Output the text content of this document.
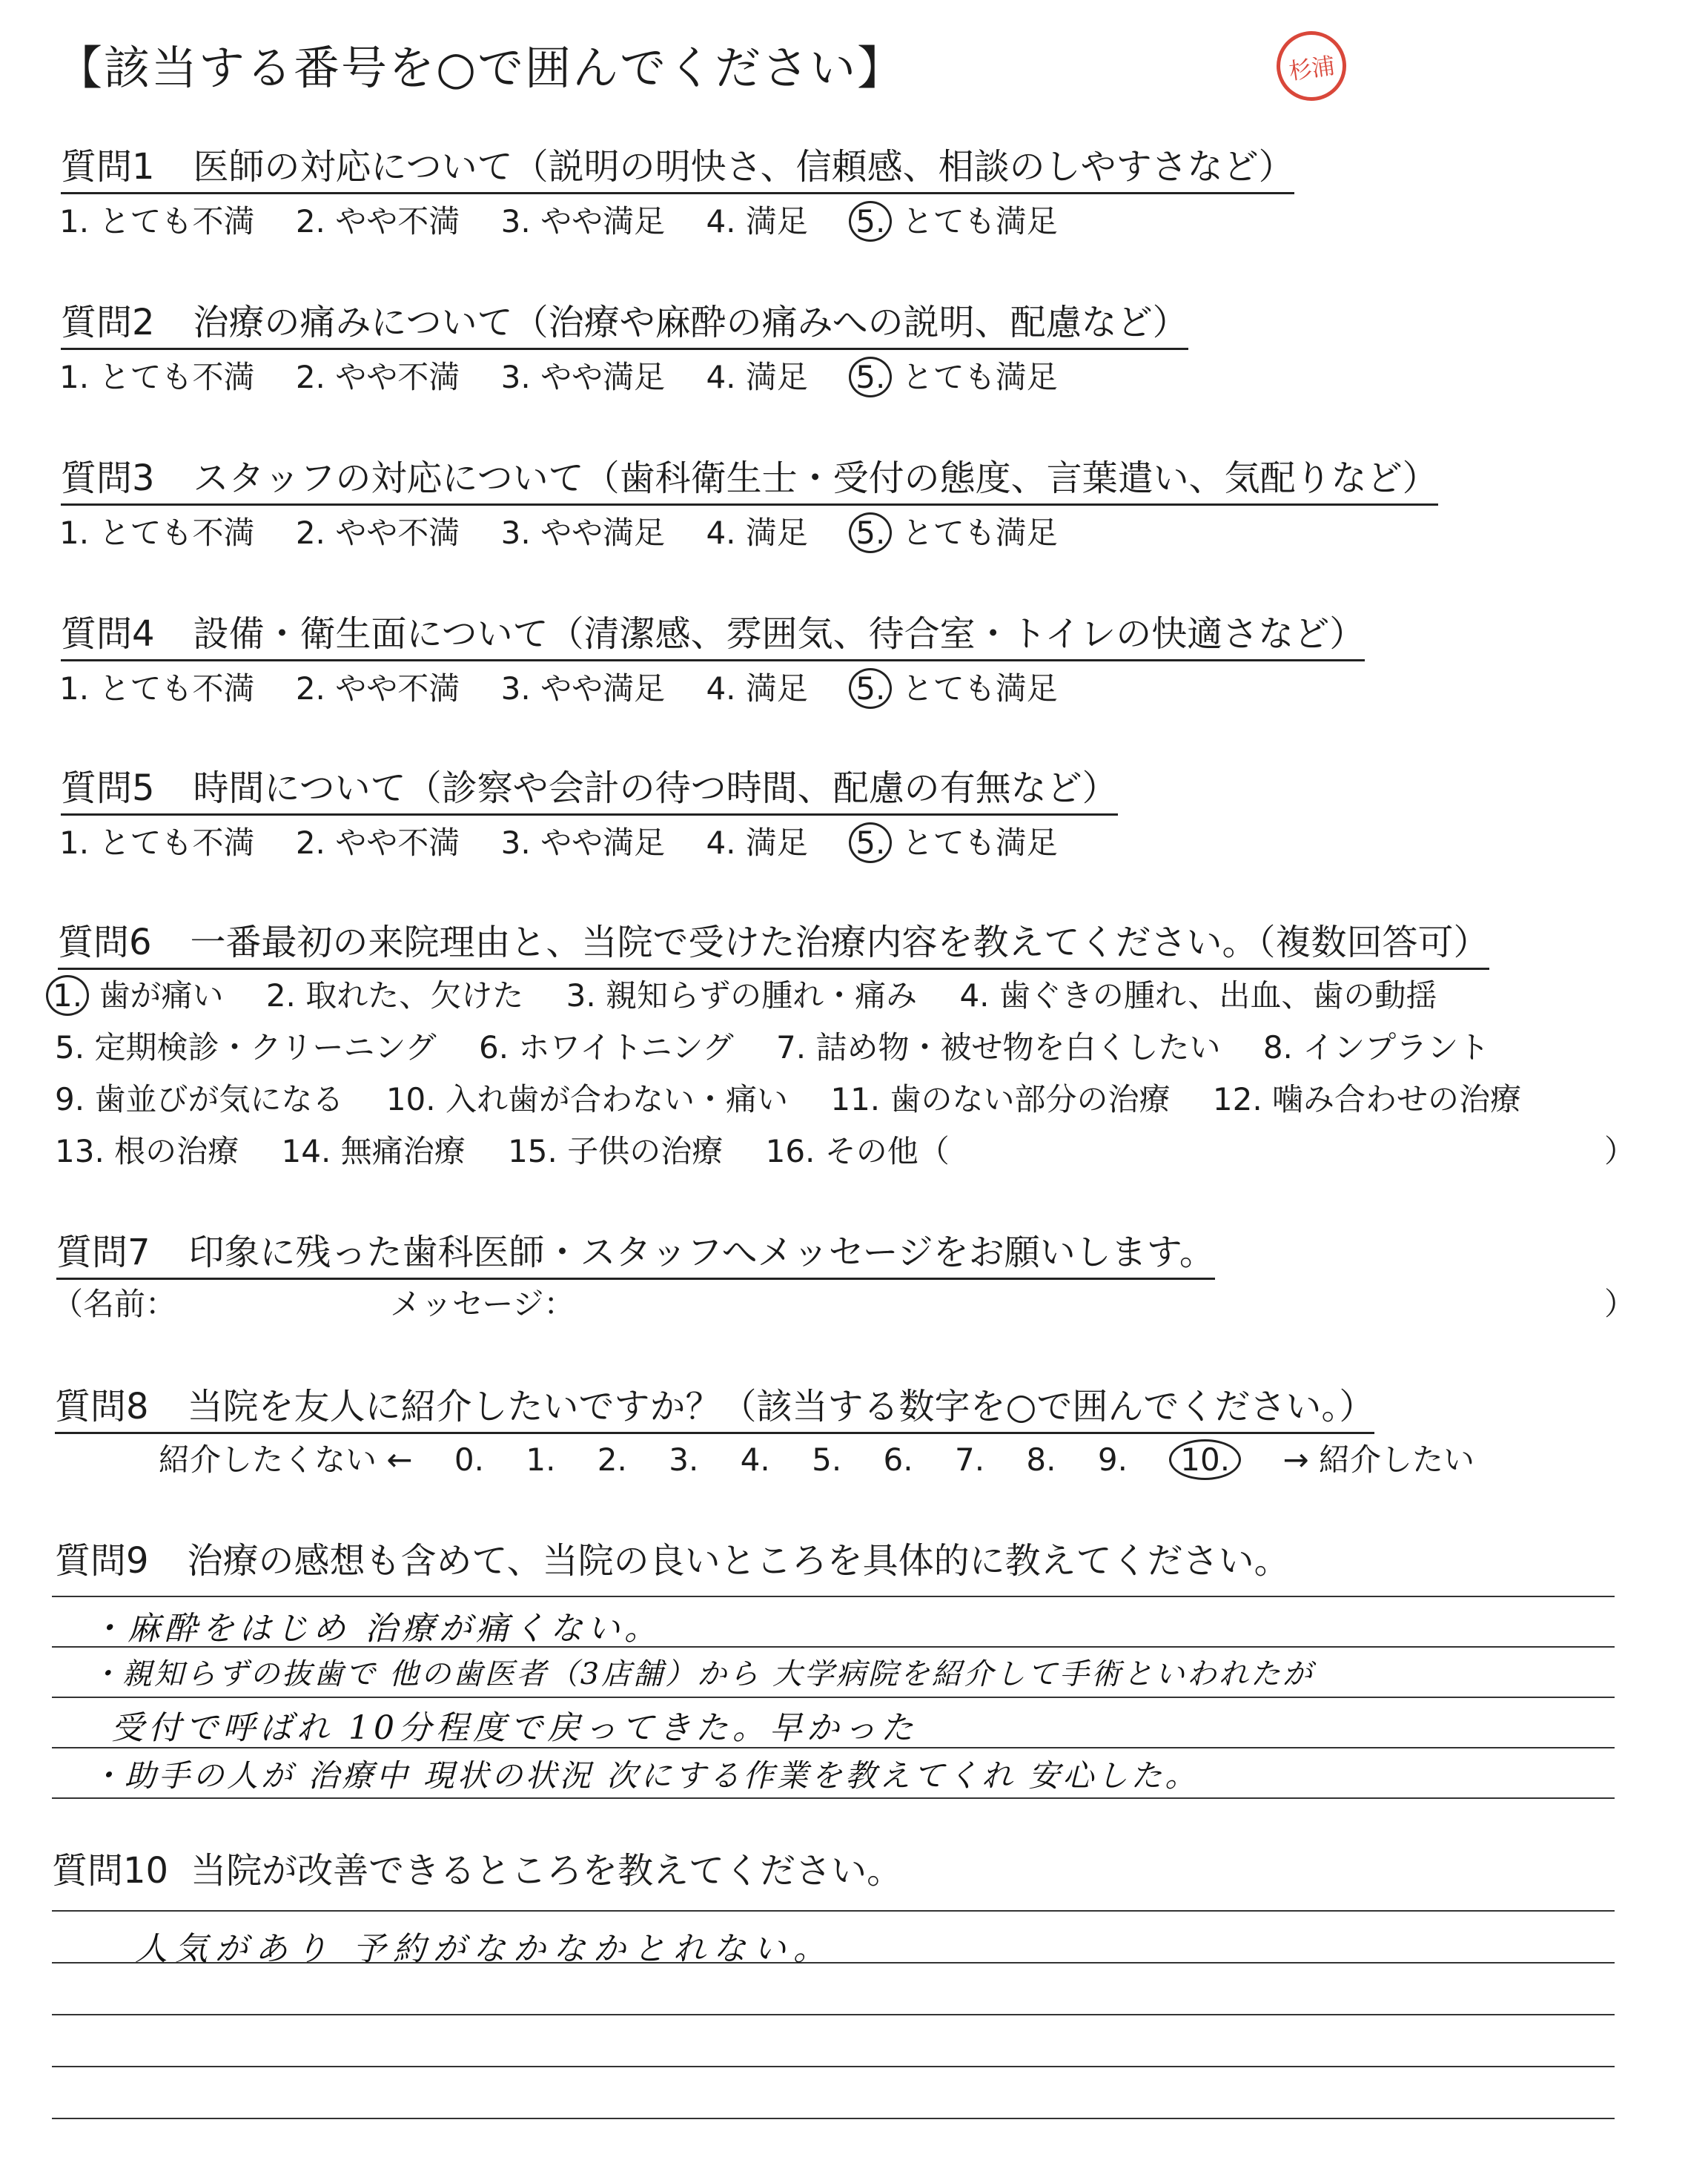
【該当する番号を○で囲んでください】	杉浦
質問1 医師の対応について（説明の明快さ、信頼感、相談のしやすさなど）
1. とても不満 2. やや不満 3. やや満足 4. 満足 5. とても満足
質問2 治療の痛みについて（治療や麻酔の痛みへの説明、配慮など）
1. とても不満 2. やや不満 3. やや満足 4. 満足 5. とても満足
質問3 スタッフの対応について（歯科衛生士・受付の態度、言葉遣い、気配りなど）
1. とても不満 2. やや不満 3. やや満足 4. 満足 5. とても満足
質問4 設備・衛生面について（清潔感、雰囲気、待合室・トイレの快適さなど）
1. とても不満 2. やや不満 3. やや満足 4. 満足 5. とても満足
質問5 時間について（診察や会計の待つ時間、配慮の有無など）
1. とても不満 2. やや不満 3. やや満足 4. 満足 5. とても満足
質問6 一番最初の来院理由と、当院で受けた治療内容を教えてください。（複数回答可）
1. 歯が痛い 2. 取れた、欠けた 3. 親知らずの腫れ・痛み 4. 歯ぐきの腫れ、出血、歯の動揺
5. 定期検診・クリーニング 6. ホワイトニング 7. 詰め物・被せ物を白くしたい 8. インプラント
9. 歯並びが気になる 10. 入れ歯が合わない・痛い 11. 歯のない部分の治療 12. 噛み合わせの治療
13. 根の治療 14. 無痛治療 15. 子供の治療 16. その他（	）
質問7 印象に残った歯科医師・スタッフへメッセージをお願いします。
（名前：	メッセージ：	）
質問8 当院を友人に紹介したいですか？（該当する数字を○で囲んでください。）
紹介したくない ← 0. 1. 2. 3. 4. 5. 6. 7. 8. 9. 10. → 紹介したい
質問9 治療の感想も含めて、当院の良いところを具体的に教えてください。
・麻酔をはじめ 治療が痛くない。
・親知らずの抜歯で 他の歯医者（3店舗）から 大学病院を紹介して手術といわれたが
受付で呼ばれ 10分程度で戻ってきた。早かった
・助手の人が 治療中 現状の状況 次にする作業を教えてくれ 安心した。
質問10 当院が改善できるところを教えてください。
人気があり 予約がなかなかとれない。
